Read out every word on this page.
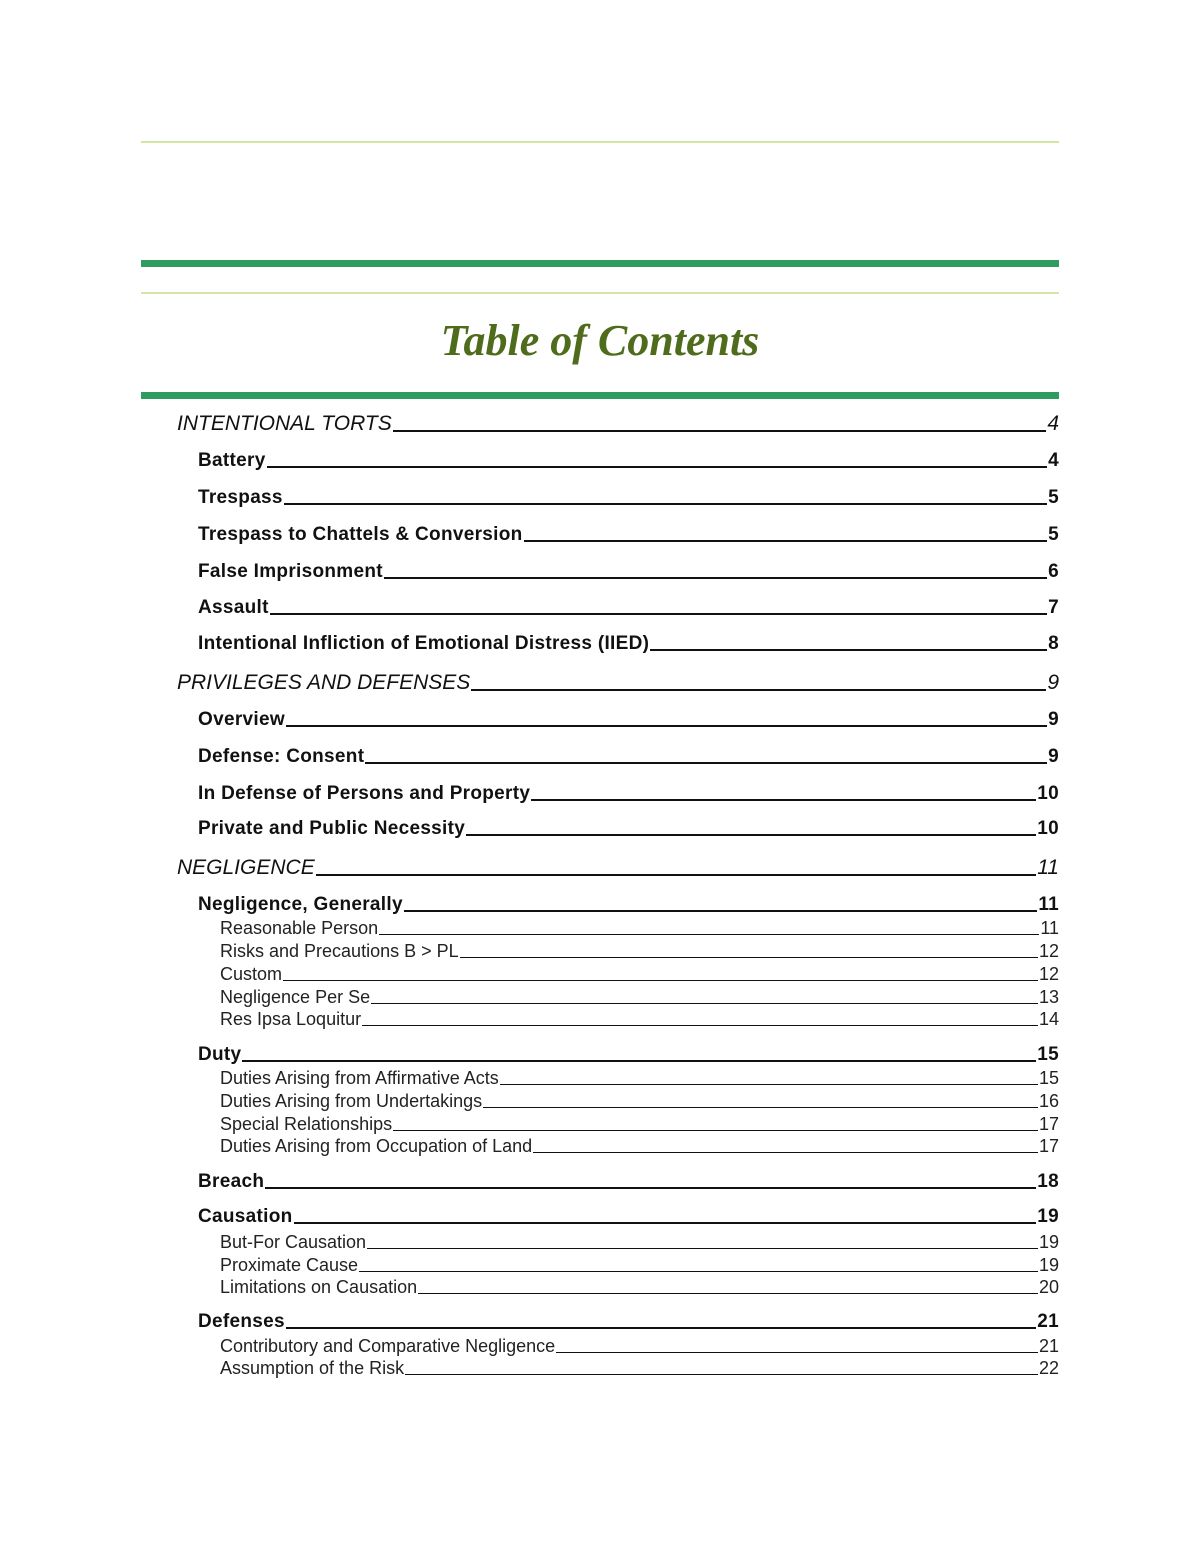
Table of Contents
INTENTIONAL TORTS	4
Battery	4
Trespass	5
Trespass to Chattels & Conversion	5
False Imprisonment	6
Assault	7
Intentional Infliction of Emotional Distress (IIED)	8
PRIVILEGES AND DEFENSES	9
Overview	9
Defense: Consent	9
In Defense of Persons and Property	10
Private and Public Necessity	10
NEGLIGENCE	11
Negligence, Generally	11
Reasonable Person	11
Risks and Precautions B > PL	12
Custom	12
Negligence Per Se	13
Res Ipsa Loquitur	14
Duty	15
Duties Arising from Affirmative Acts	15
Duties Arising from Undertakings	16
Special Relationships	17
Duties Arising from Occupation of Land	17
Breach	18
Causation	19
But-For Causation	19
Proximate Cause	19
Limitations on Causation	20
Defenses	21
Contributory and Comparative Negligence	21
Assumption of the Risk	22
